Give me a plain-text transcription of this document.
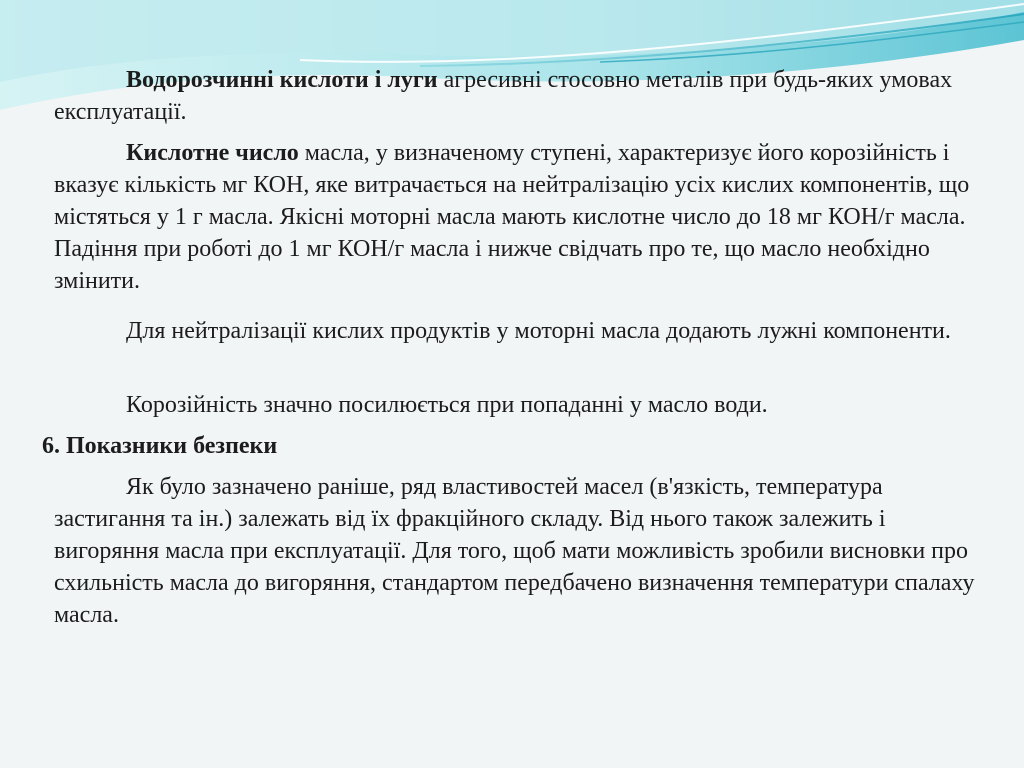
Водорозчинні кислоти і луги агресивні стосовно металів при будь-яких умовах експлуатації.

Кислотне число масла, у визначеному ступені, характеризує його корозійність і вказує кількість мг КОН, яке витрачається на нейтралізацію усіх кислих компонентів, що містяться у 1 г масла. Якісні моторні масла мають кислотне число до 18 мг КОН/г масла. Падіння при роботі до 1 мг КОН/г масла і нижче свідчать про те, що масло необхідно змінити.

Для нейтралізації кислих продуктів у моторні масла додають лужні компоненти.

Корозійність значно посилюється при попаданні у масло води.

6. Показники безпеки

Як було зазначено раніше, ряд властивостей масел (в'язкість, температура застигання та ін.) залежать від їх фракційного складу. Від нього також залежить і вигоряння масла при експлуатації. Для того, щоб мати можливість зробили висновки про схильність масла до вигоряння, стандартом передбачено визначення температури спалаху масла.
